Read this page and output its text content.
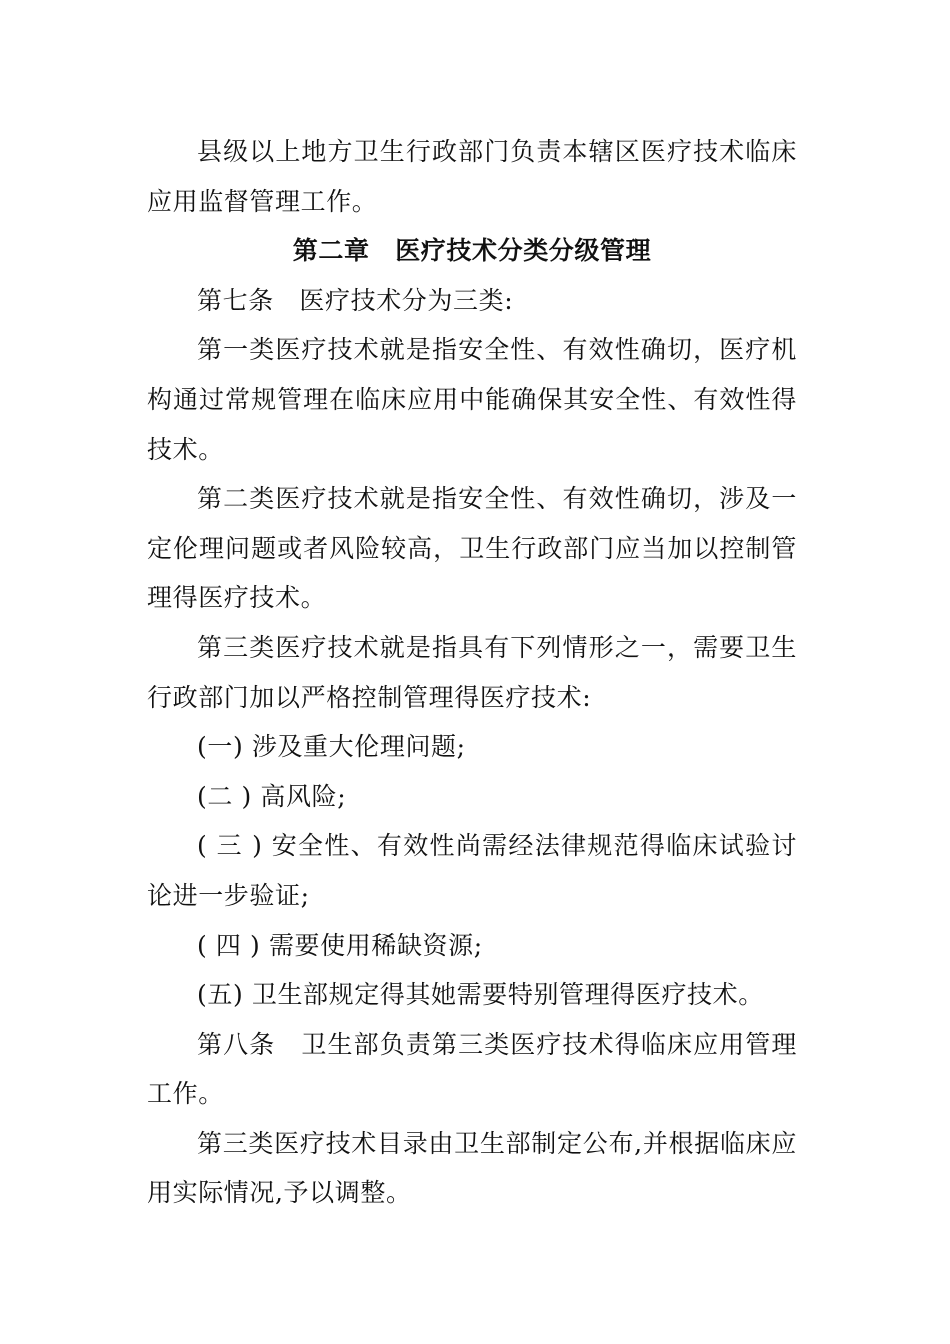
县级以上地方卫生行政部门负责本辖区医疗技术临床应用监督管理工作。

第二章　医疗技术分类分级管理

第七条　医疗技术分为三类:

第一类医疗技术就是指安全性、有效性确切，医疗机构通过常规管理在临床应用中能确保其安全性、有效性得技术。

第二类医疗技术就是指安全性、有效性确切，涉及一定伦理问题或者风险较高，卫生行政部门应当加以控制管理得医疗技术。

第三类医疗技术就是指具有下列情形之一，需要卫生行政部门加以严格控制管理得医疗技术:

(一) 涉及重大伦理问题;

(二 ) 高风险;

( 三 ) 安全性、有效性尚需经法律规范得临床试验讨论进一步验证;

( 四 ) 需要使用稀缺资源;

(五) 卫生部规定得其她需要特别管理得医疗技术。

第八条　卫生部负责第三类医疗技术得临床应用管理工作。

第三类医疗技术目录由卫生部制定公布,并根据临床应用实际情况,予以调整。
